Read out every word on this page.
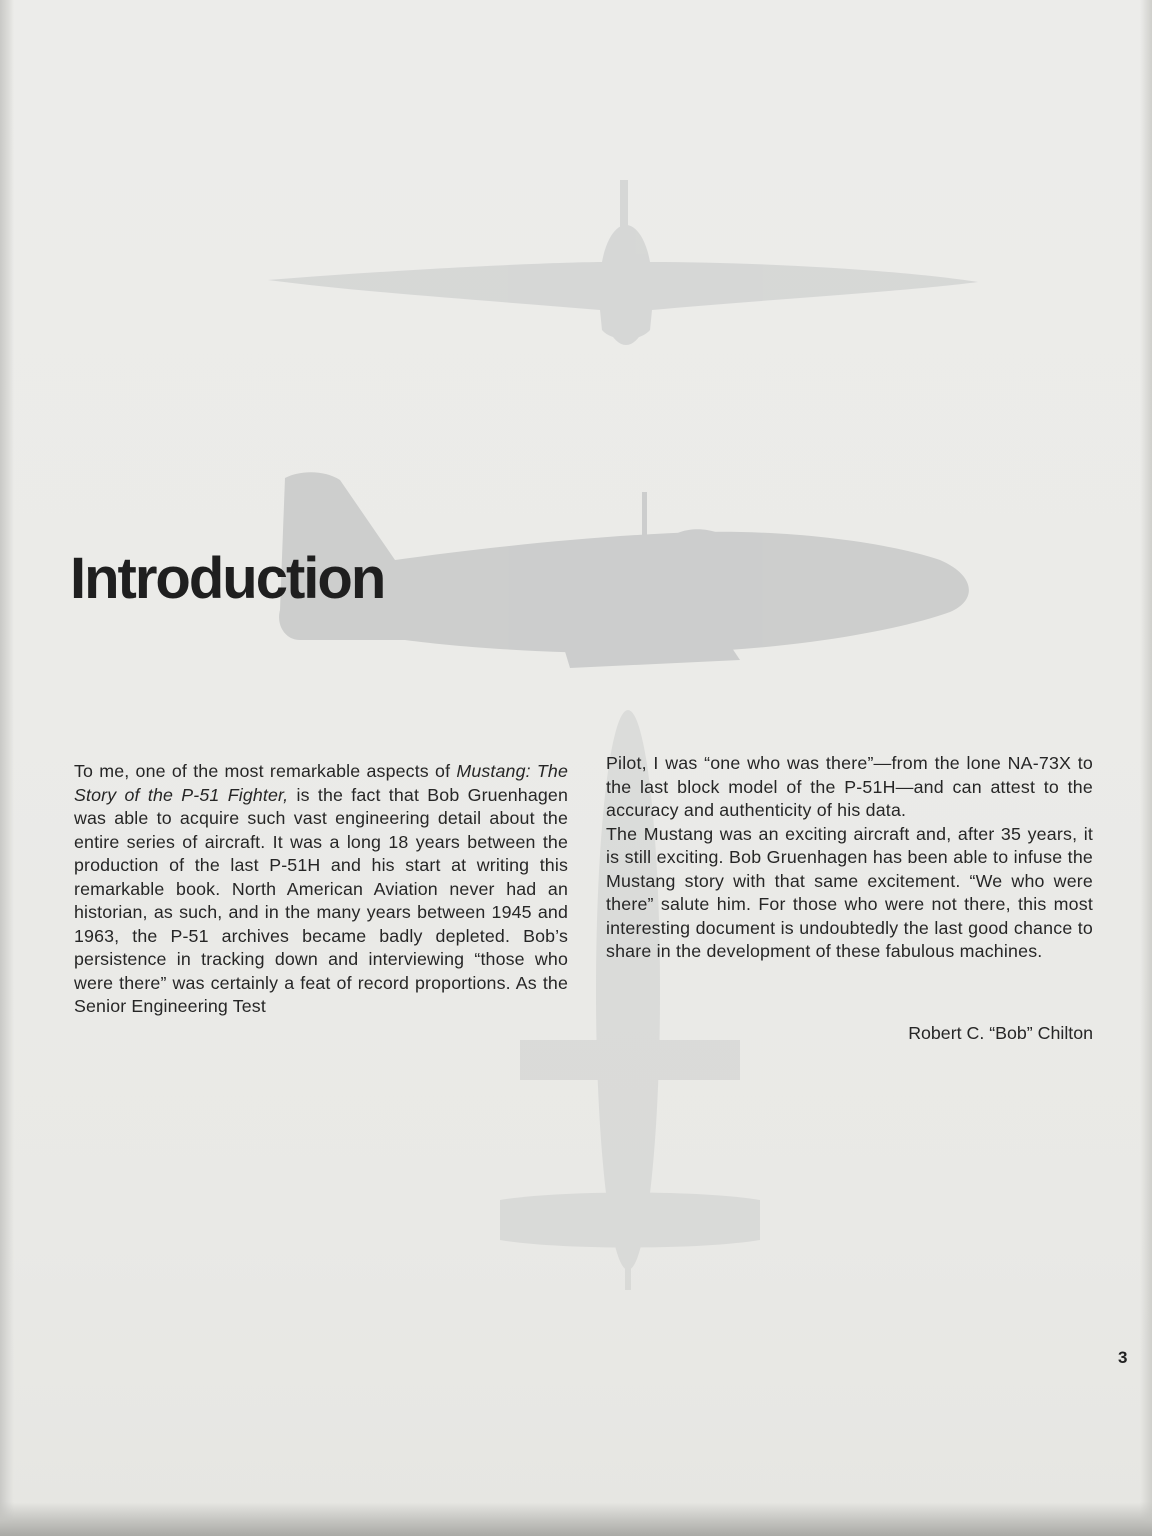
Introduction

To me, one of the most remarkable aspects of Mustang: The Story of the P-51 Fighter, is the fact that Bob Gruenhagen was able to acquire such vast engineering detail about the entire series of aircraft. It was a long 18 years between the production of the last P-51H and his start at writing this remarkable book. North American Aviation never had an historian, as such, and in the many years between 1945 and 1963, the P-51 archives became badly depleted. Bob’s persistence in tracking down and interviewing “those who were there” was certainly a feat of record proportions. As the Senior Engineering Test

Pilot, I was “one who was there”—from the lone NA-73X to the last block model of the P-51H—and can attest to the accuracy and authenticity of his data.

The Mustang was an exciting aircraft and, after 35 years, it is still exciting. Bob Gruenhagen has been able to infuse the Mustang story with that same excitement. “We who were there” salute him. For those who were not there, this most interesting document is undoubtedly the last good chance to share in the development of these fabulous machines.

Robert C. “Bob” Chilton
3
